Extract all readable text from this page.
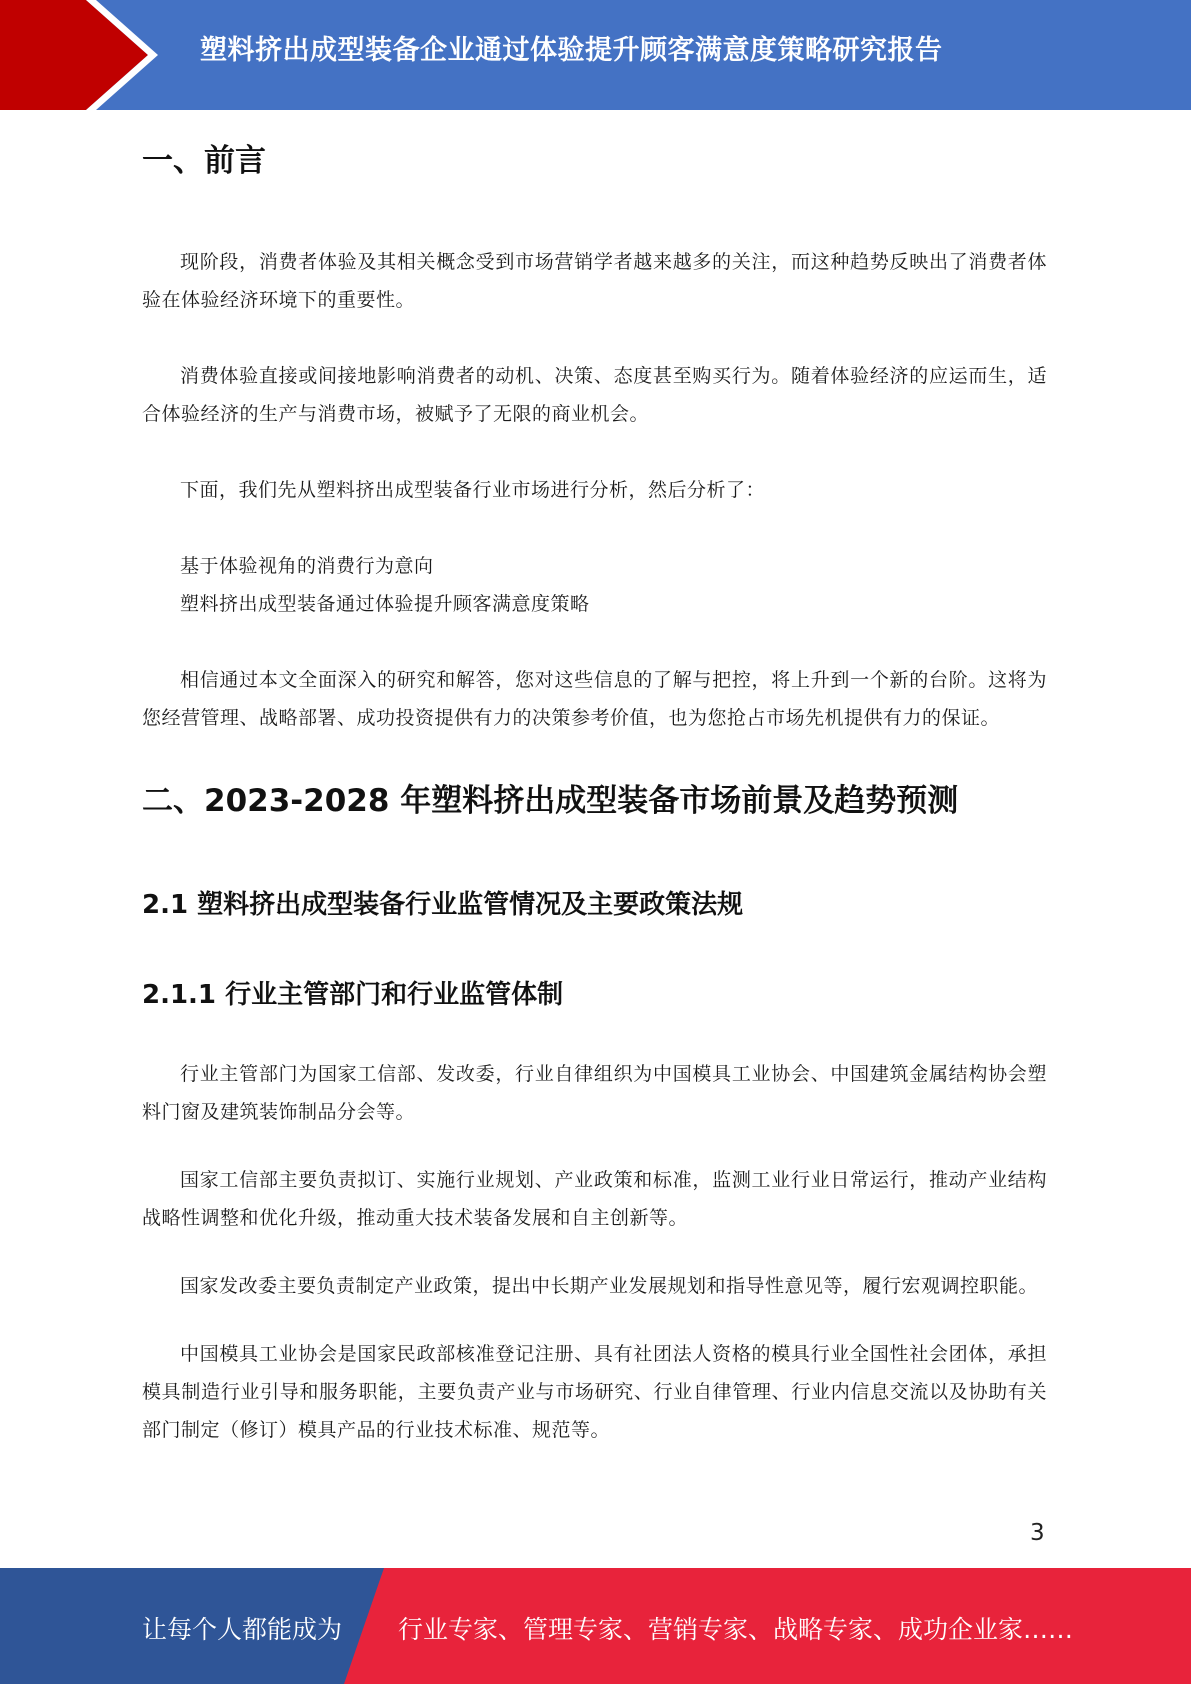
塑料挤出成型装备企业通过体验提升顾客满意度策略研究报告
一、前言

现阶段，消费者体验及其相关概念受到市场营销学者越来越多的关注，而这种趋势反映出了消费者体验在体验经济环境下的重要性。

消费体验直接或间接地影响消费者的动机、决策、态度甚至购买行为。随着体验经济的应运而生，适合体验经济的生产与消费市场，被赋予了无限的商业机会。

下面，我们先从塑料挤出成型装备行业市场进行分析，然后分析了：

基于体验视角的消费行为意向

塑料挤出成型装备通过体验提升顾客满意度策略

相信通过本文全面深入的研究和解答，您对这些信息的了解与把控，将上升到一个新的台阶。这将为您经营管理、战略部署、成功投资提供有力的决策参考价值，也为您抢占市场先机提供有力的保证。

二、2023-2028 年塑料挤出成型装备市场前景及趋势预测
2.1 塑料挤出成型装备行业监管情况及主要政策法规
2.1.1 行业主管部门和行业监管体制

行业主管部门为国家工信部、发改委，行业自律组织为中国模具工业协会、中国建筑金属结构协会塑料门窗及建筑装饰制品分会等。

国家工信部主要负责拟订、实施行业规划、产业政策和标准，监测工业行业日常运行，推动产业结构战略性调整和优化升级，推动重大技术装备发展和自主创新等。

国家发改委主要负责制定产业政策，提出中长期产业发展规划和指导性意见等，履行宏观调控职能。

中国模具工业协会是国家民政部核准登记注册、具有社团法人资格的模具行业全国性社会团体，承担模具制造行业引导和服务职能，主要负责产业与市场研究、行业自律管理、行业内信息交流以及协助有关部门制定（修订）模具产品的行业技术标准、规范等。

3
让每个人都能成为 行业专家、管理专家、营销专家、战略专家、成功企业家……
